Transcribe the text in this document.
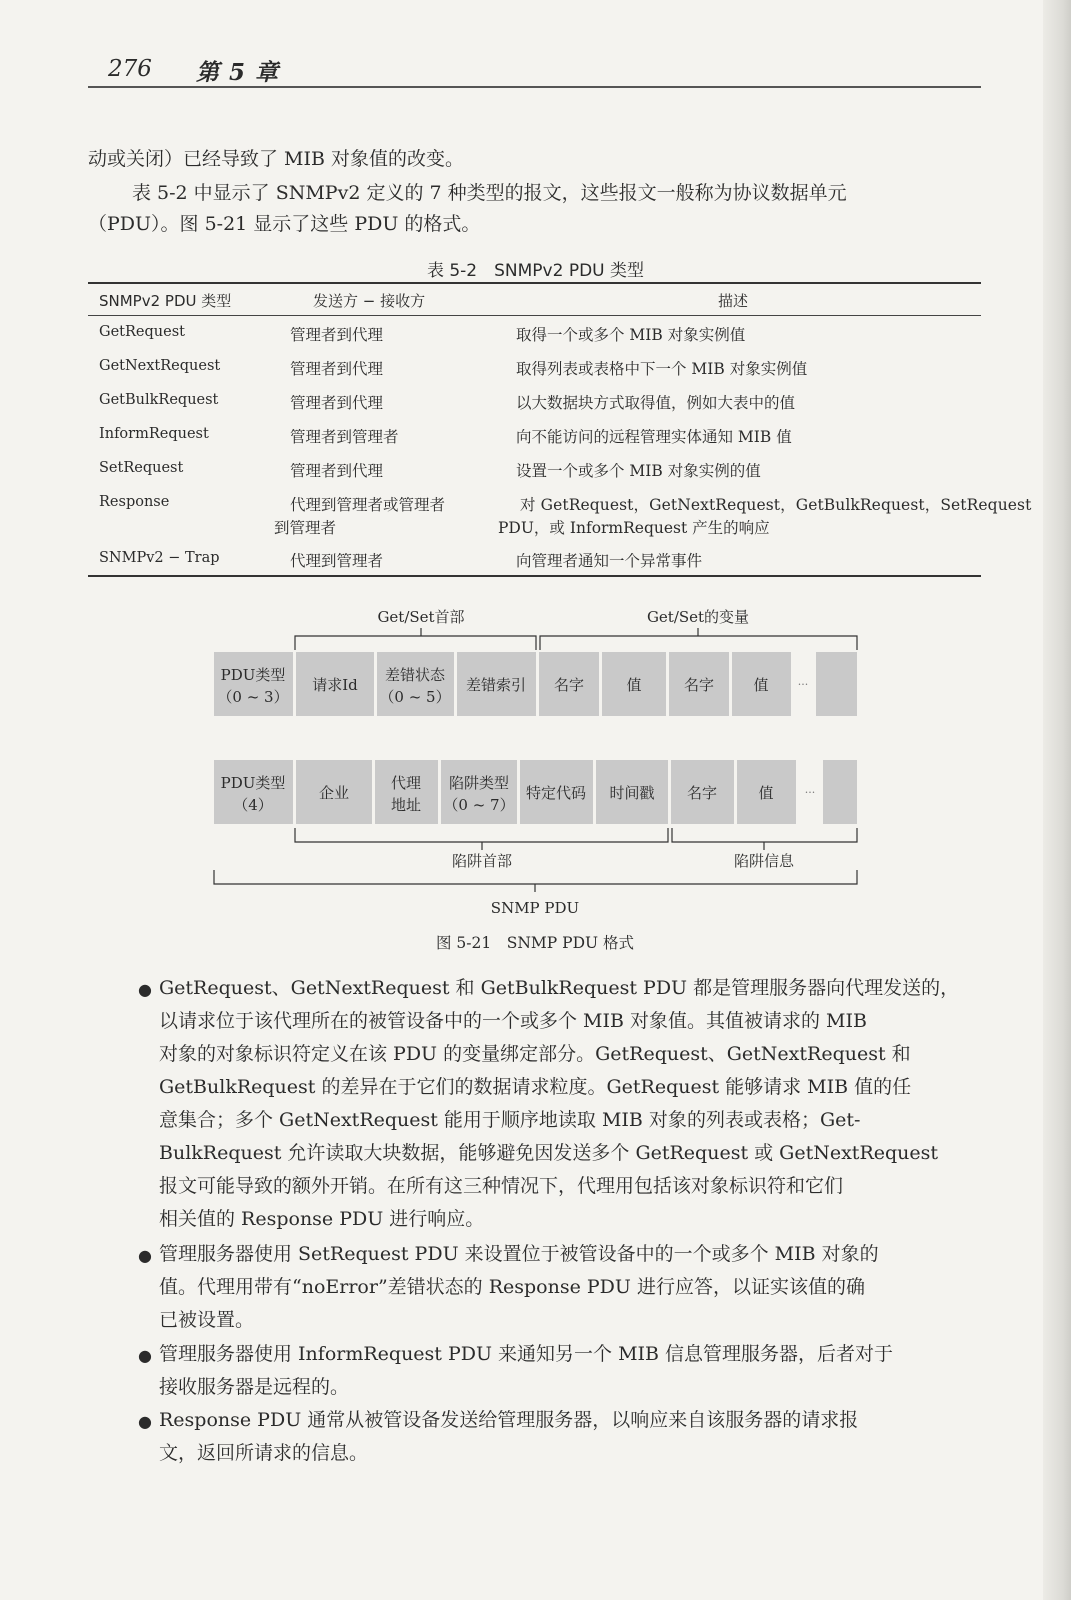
276 第 5 章
动或关闭）已经导致了 MIB 对象值的改变。
表 5-2 中显示了 SNMPv2 定义的 7 种类型的报文，这些报文一般称为协议数据单元
（PDU）。图 5-21 显示了这些 PDU 的格式。
表 5-2　SNMPv2 PDU 类型
SNMPv2 PDU 类型	发送方 − 接收方	描述
GetRequest	管理者到代理	取得一个或多个 MIB 对象实例值
GetNextRequest	管理者到代理	取得列表或表格中下一个 MIB 对象实例值
GetBulkRequest	管理者到代理	以大数据块方式取得值，例如大表中的值
InformRequest	管理者到管理者	向不能访问的远程管理实体通知 MIB 值
SetRequest	管理者到代理	设置一个或多个 MIB 对象实例的值
Response	代理到管理者或管理者
到管理者
对 GetRequest，GetNextRequest，GetBulkRequest，SetRequest
PDU，或 InformRequest 产生的响应
SNMPv2 − Trap	代理到管理者	向管理者通知一个异常事件
Get/Set首部	Get/Set的变量
PDU类型
（0 ~ 3）
请求Id
差错状态
（0 ~ 5）
差错索引 名字	值	名字	值	···
PDU类型
（4）
企业
代理
地址
陷阱类型
（0 ~ 7）
特定代码 时间戳 名字	值	···
陷阱首部	陷阱信息
SNMP PDU
图 5-21　SNMP PDU 格式
● GetRequest、GetNextRequest 和 GetBulkRequest PDU 都是管理服务器向代理发送的，
以请求位于该代理所在的被管设备中的一个或多个 MIB 对象值。其值被请求的 MIB
对象的对象标识符定义在该 PDU 的变量绑定部分。GetRequest、GetNextRequest 和
GetBulkRequest 的差异在于它们的数据请求粒度。GetRequest 能够请求 MIB 值的任
意集合；多个 GetNextRequest 能用于顺序地读取 MIB 对象的列表或表格；Get-
BulkRequest 允许读取大块数据，能够避免因发送多个 GetRequest 或 GetNextRequest
报文可能导致的额外开销。在所有这三种情况下，代理用包括该对象标识符和它们
相关值的 Response PDU 进行响应。
● 管理服务器使用 SetRequest PDU 来设置位于被管设备中的一个或多个 MIB 对象的
值。代理用带有“noError”差错状态的 Response PDU 进行应答，以证实该值的确
已被设置。
● 管理服务器使用 InformRequest PDU 来通知另一个 MIB 信息管理服务器，后者对于
接收服务器是远程的。
● Response PDU 通常从被管设备发送给管理服务器，以响应来自该服务器的请求报
文，返回所请求的信息。
